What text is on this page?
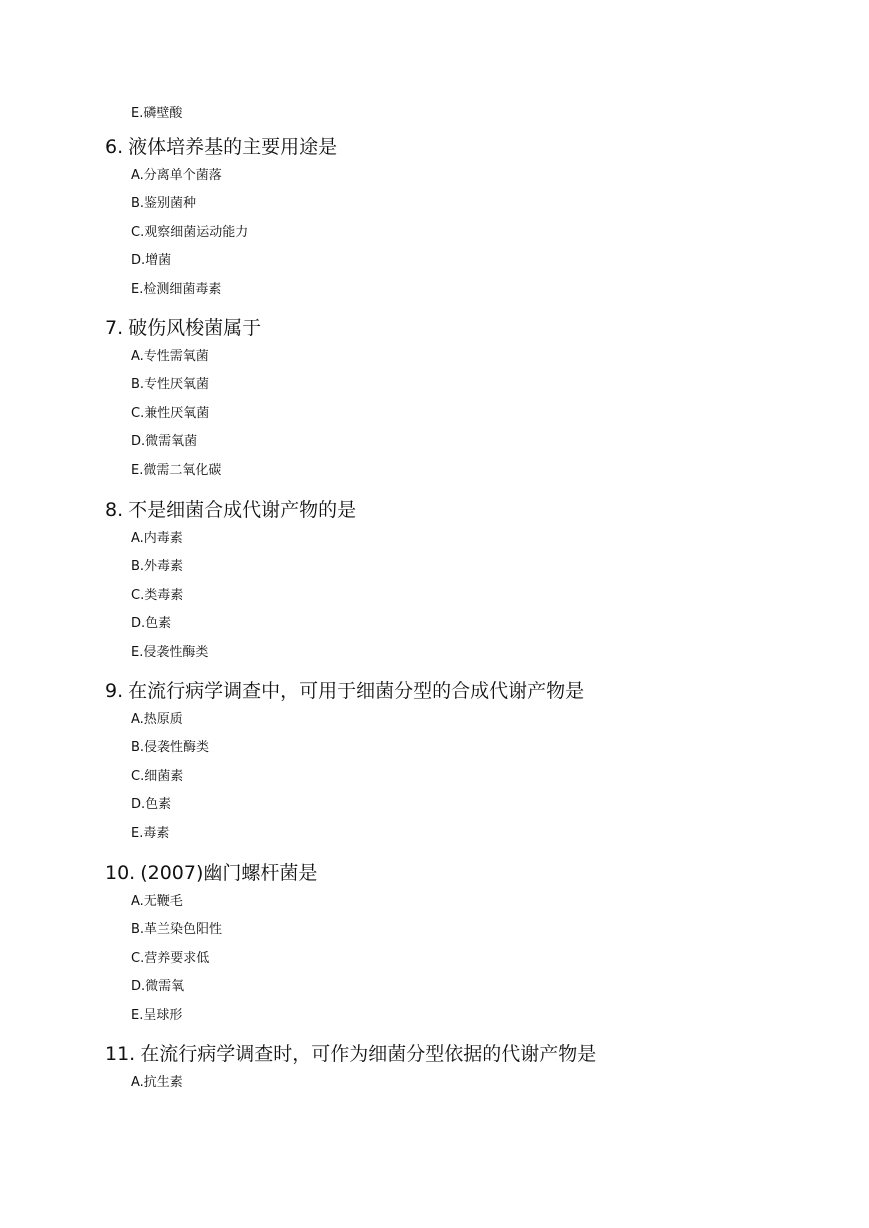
E.磷壁酸

6. 液体培养基的主要用途是

A.分离单个菌落
B.鉴别菌种
C.观察细菌运动能力
D.增菌
E.检测细菌毒素

7. 破伤风梭菌属于

A.专性需氧菌
B.专性厌氧菌
C.兼性厌氧菌
D.微需氧菌
E.微需二氧化碳

8. 不是细菌合成代谢产物的是

A.内毒素
B.外毒素
C.类毒素
D.色素
E.侵袭性酶类

9. 在流行病学调查中，可用于细菌分型的合成代谢产物是

A.热原质
B.侵袭性酶类
C.细菌素
D.色素
E.毒素

10. (2007)幽门螺杆菌是

A.无鞭毛
B.革兰染色阳性
C.营养要求低
D.微需氧
E.呈球形

11. 在流行病学调查时，可作为细菌分型依据的代谢产物是

A.抗生素
